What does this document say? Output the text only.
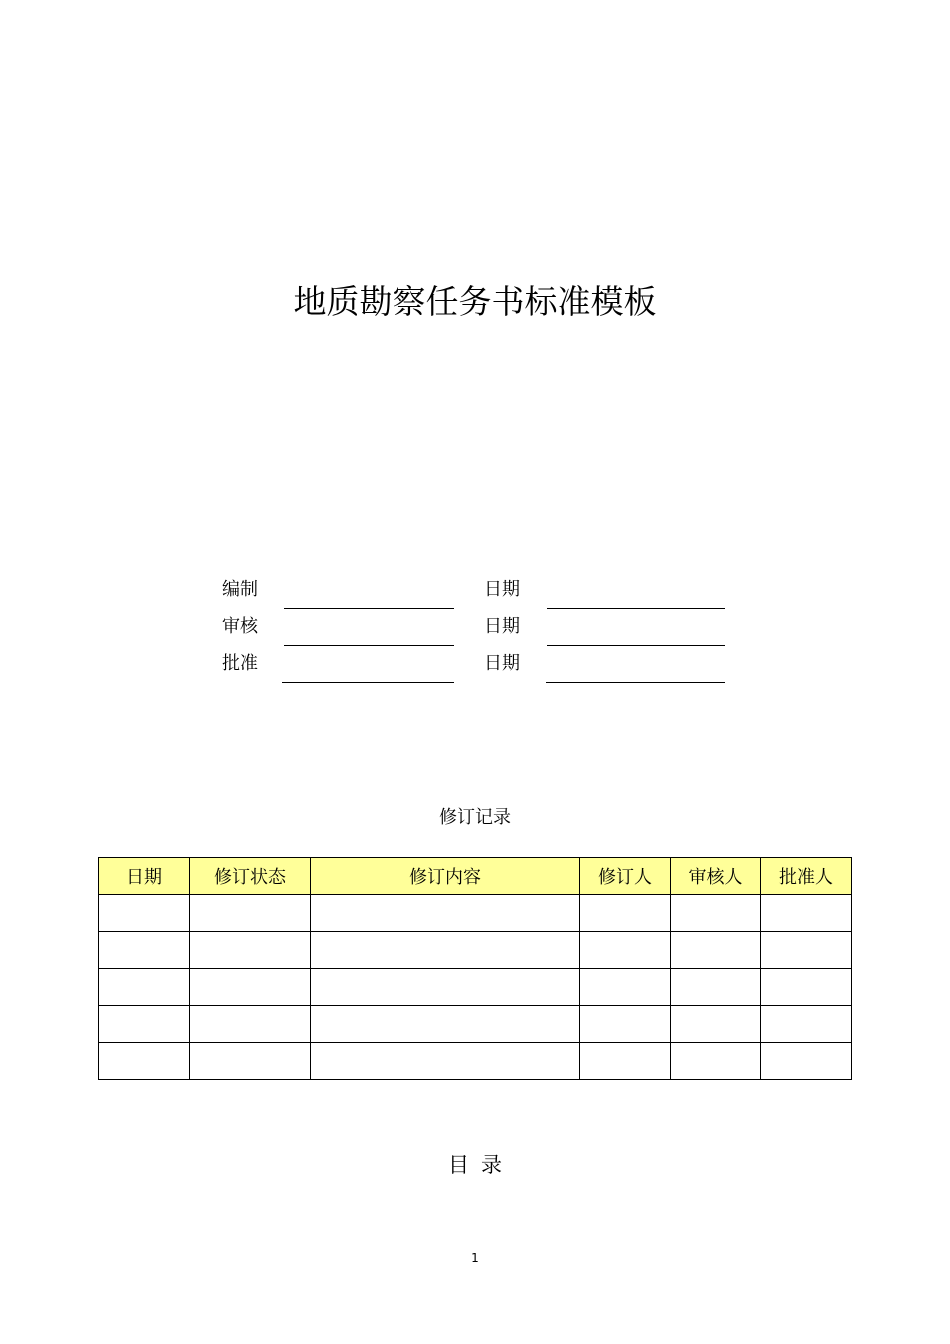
地质勘察任务书标准模板
编制	日期
审核	日期
批准	日期
修订记录
日期	修订状态	修订内容	修订人	审核人	批准人

目录
1
